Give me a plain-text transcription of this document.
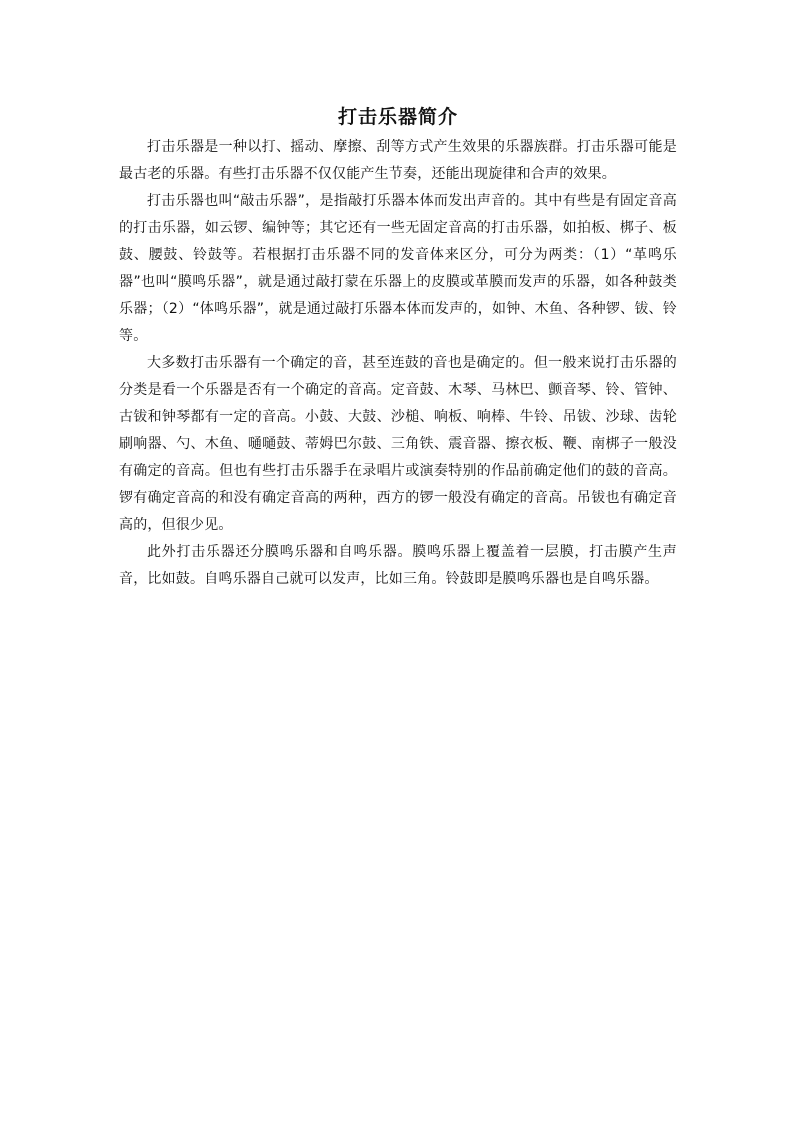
打击乐器简介

打击乐器是一种以打、摇动、摩擦、刮等方式产生效果的乐器族群。打击乐器可能是最古老的乐器。有些打击乐器不仅仅能产生节奏，还能出现旋律和合声的效果。

打击乐器也叫“敲击乐器”，是指敲打乐器本体而发出声音的。其中有些是有固定音高的打击乐器，如云锣、编钟等；其它还有一些无固定音高的打击乐器，如拍板、梆子、板鼓、腰鼓、铃鼓等。若根据打击乐器不同的发音体来区分，可分为两类：（1）“革鸣乐器”也叫“膜鸣乐器”，就是通过敲打蒙在乐器上的皮膜或革膜而发声的乐器，如各种鼓类乐器；（2）“体鸣乐器”，就是通过敲打乐器本体而发声的，如钟、木鱼、各种锣、钹、铃等。

大多数打击乐器有一个确定的音，甚至连鼓的音也是确定的。但一般来说打击乐器的分类是看一个乐器是否有一个确定的音高。定音鼓、木琴、马林巴、颤音琴、铃、管钟、古钹和钟琴都有一定的音高。小鼓、大鼓、沙槌、响板、响棒、牛铃、吊钹、沙球、齿轮刷响器、勺、木鱼、嗵嗵鼓、蒂姆巴尔鼓、三角铁、震音器、擦衣板、鞭、南梆子一般没有确定的音高。但也有些打击乐器手在录唱片或演奏特别的作品前确定他们的鼓的音高。锣有确定音高的和没有确定音高的两种，西方的锣一般没有确定的音高。吊钹也有确定音高的，但很少见。

此外打击乐器还分膜鸣乐器和自鸣乐器。膜鸣乐器上覆盖着一层膜，打击膜产生声音，比如鼓。自鸣乐器自己就可以发声，比如三角。铃鼓即是膜鸣乐器也是自鸣乐器。
